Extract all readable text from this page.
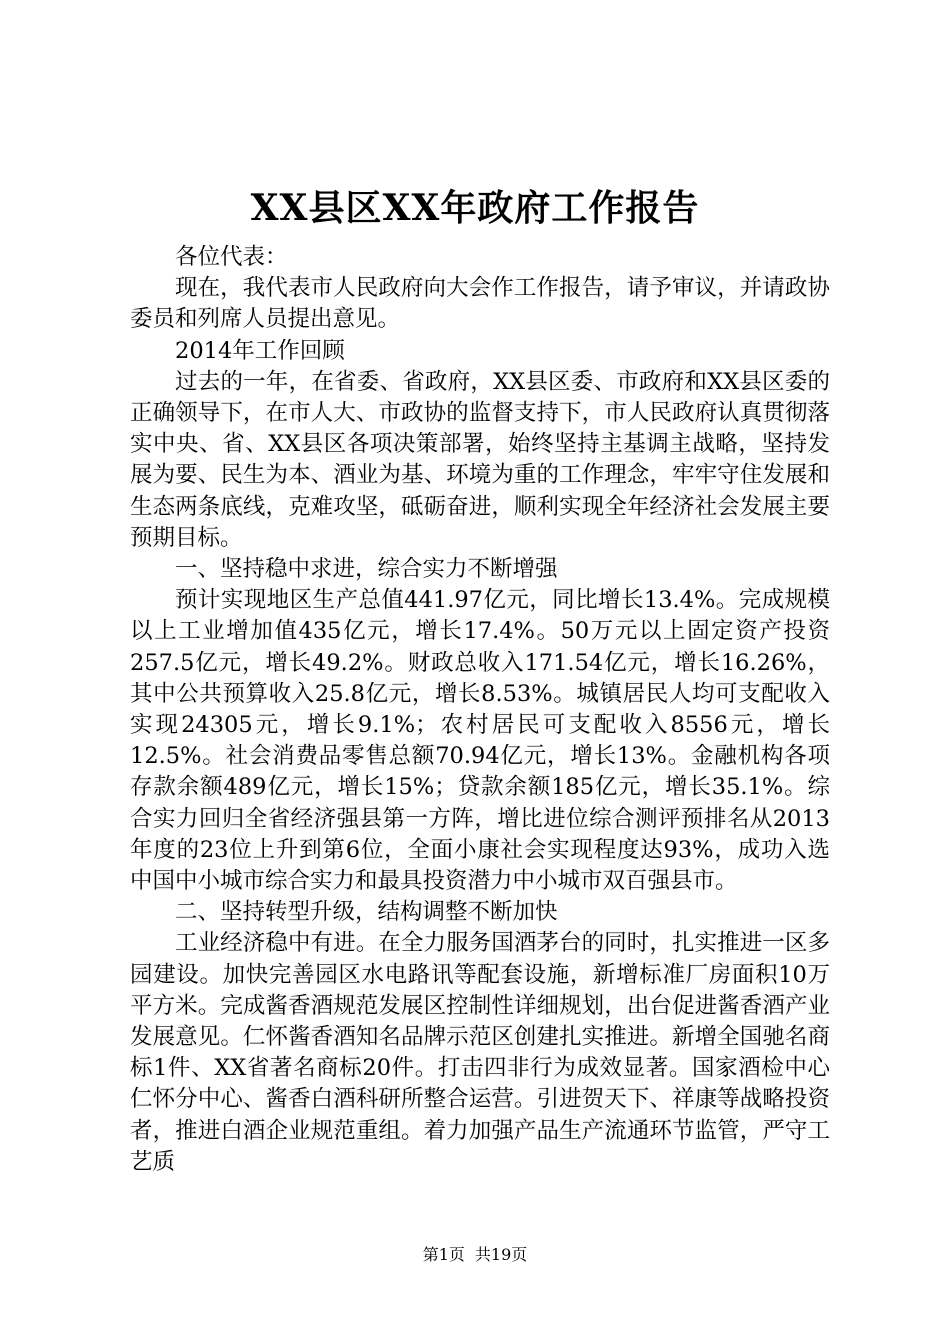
XX县区XX年政府工作报告

各位代表：

现在，我代表市人民政府向大会作工作报告，请予审议，并请政协委员和列席人员提出意见。

2014年工作回顾

过去的一年，在省委、省政府，XX县区委、市政府和XX县区委的正确领导下，在市人大、市政协的监督支持下，市人民政府认真贯彻落实中央、省、XX县区各项决策部署，始终坚持主基调主战略，坚持发展为要、民生为本、酒业为基、环境为重的工作理念，牢牢守住发展和生态两条底线，克难攻坚，砥砺奋进，顺利实现全年经济社会发展主要预期目标。

一、坚持稳中求进，综合实力不断增强

预计实现地区生产总值441.97亿元，同比增长13.4%。完成规模以上工业增加值435亿元，增长17.4%。50万元以上固定资产投资257.5亿元，增长49.2%。财政总收入171.54亿元，增长16.26%，其中公共预算收入25.8亿元，增长8.53%。城镇居民人均可支配收入实现24305元，增长9.1%；农村居民可支配收入8556元，增长12.5%。社会消费品零售总额70.94亿元，增长13%。金融机构各项存款余额489亿元，增长15%；贷款余额185亿元，增长35.1%。综合实力回归全省经济强县第一方阵，增比进位综合测评预排名从2013年度的23位上升到第6位，全面小康社会实现程度达93%，成功入选中国中小城市综合实力和最具投资潜力中小城市双百强县市。

二、坚持转型升级，结构调整不断加快

工业经济稳中有进。在全力服务国酒茅台的同时，扎实推进一区多园建设。加快完善园区水电路讯等配套设施，新增标准厂房面积10万平方米。完成酱香酒规范发展区控制性详细规划，出台促进酱香酒产业发展意见。仁怀酱香酒知名品牌示范区创建扎实推进。新增全国驰名商标1件、XX省著名商标20件。打击四非行为成效显著。国家酒检中心仁怀分中心、酱香白酒科研所整合运营。引进贺天下、祥康等战略投资者，推进白酒企业规范重组。着力加强产品生产流通环节监管，严守工艺质

第1页 共19页
